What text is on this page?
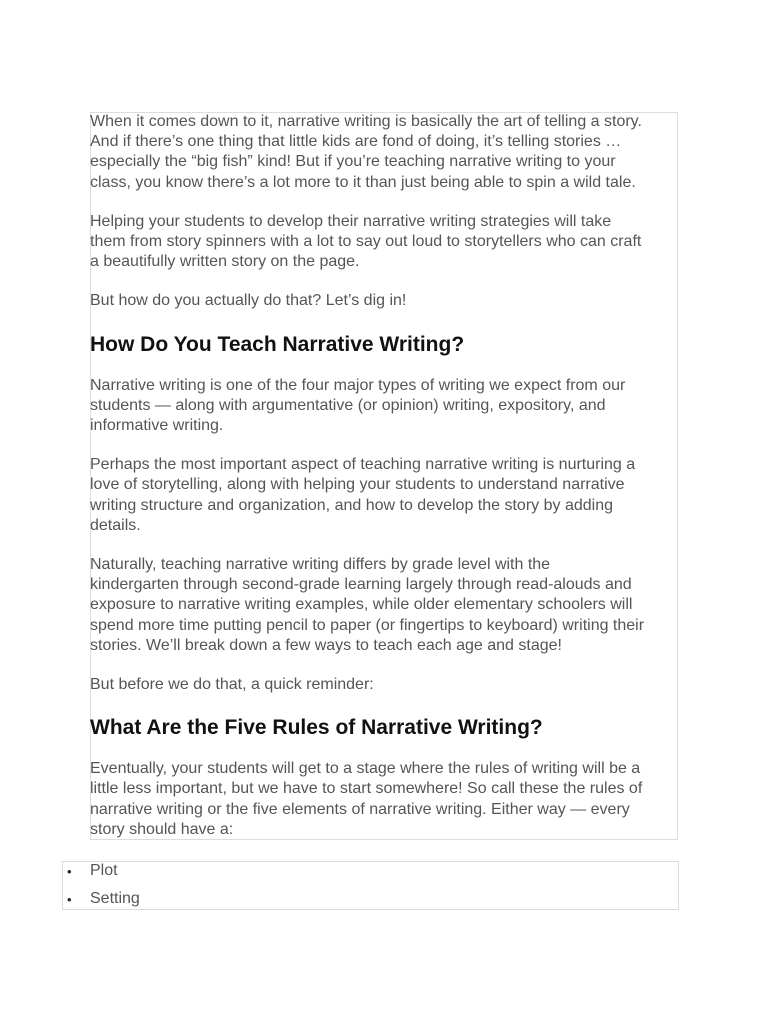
When it comes down to it, narrative writing is basically the art of telling a story.
And if there’s one thing that little kids are fond of doing, it’s telling stories …
especially the “big fish” kind! But if you’re teaching narrative writing to your
class, you know there’s a lot more to it than just being able to spin a wild tale.

Helping your students to develop their narrative writing strategies will take
them from story spinners with a lot to say out loud to storytellers who can craft
a beautifully written story on the page.

But how do you actually do that? Let’s dig in!

How Do You Teach Narrative Writing?

Narrative writing is one of the four major types of writing we expect from our
students — along with argumentative (or opinion) writing, expository, and
informative writing.

Perhaps the most important aspect of teaching narrative writing is nurturing a
love of storytelling, along with helping your students to understand narrative
writing structure and organization, and how to develop the story by adding
details.

Naturally, teaching narrative writing differs by grade level with the
kindergarten through second-grade learning largely through read-alouds and
exposure to narrative writing examples, while older elementary schoolers will
spend more time putting pencil to paper (or fingertips to keyboard) writing their
stories. We’ll break down a few ways to teach each age and stage!

But before we do that, a quick reminder:

What Are the Five Rules of Narrative Writing?

Eventually, your students will get to a stage where the rules of writing will be a
little less important, but we have to start somewhere! So call these the rules of
narrative writing or the five elements of narrative writing. Either way — every
story should have a:

• Plot
• Setting
